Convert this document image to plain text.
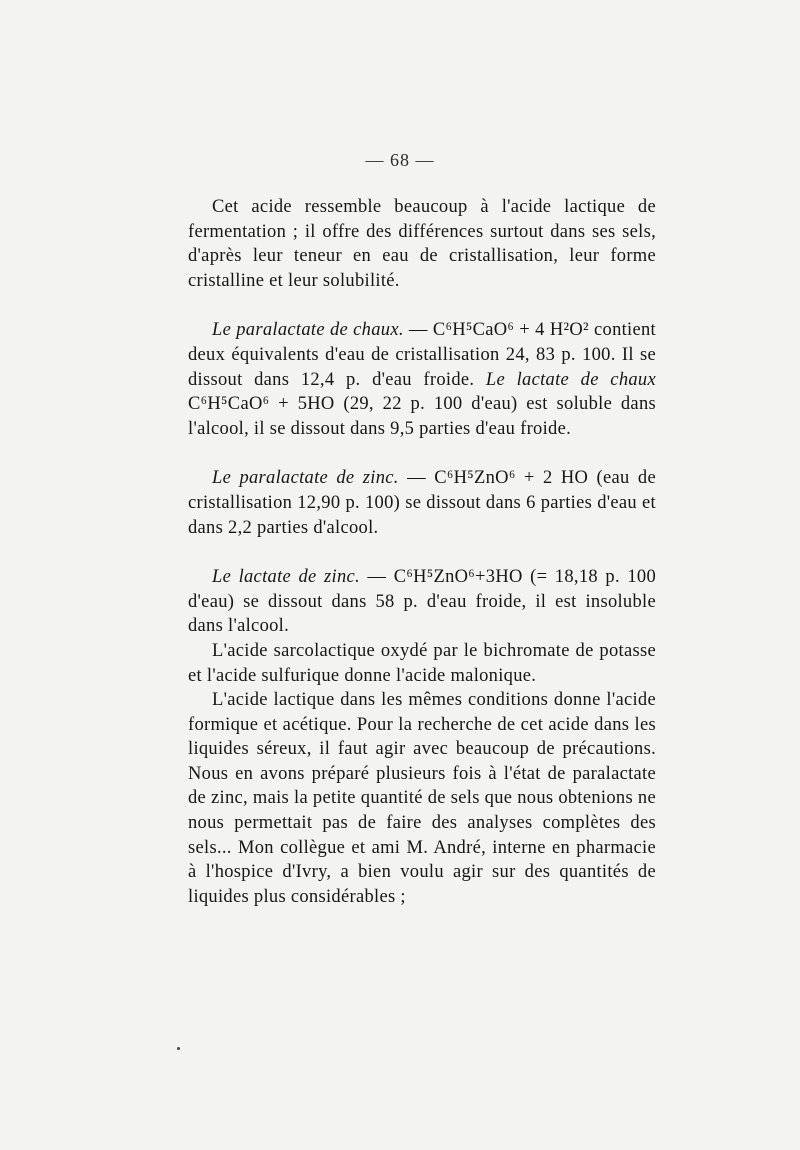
— 68 —

Cet acide ressemble beaucoup à l'acide lactique de fermentation ; il offre des différences surtout dans ses sels, d'après leur teneur en eau de cristallisation, leur forme cristalline et leur solubilité.

Le paralactate de chaux. — C⁶H⁵CaO⁶ + 4 H²O² contient deux équivalents d'eau de cristallisation 24, 83 p. 100. Il se dissout dans 12,4 p. d'eau froide. Le lactate de chaux C⁶H⁵CaO⁶ + 5HO (29, 22 p. 100 d'eau) est soluble dans l'alcool, il se dissout dans 9,5 parties d'eau froide.

Le paralactate de zinc. — C⁶H⁵ZnO⁶ + 2 HO (eau de cristallisation 12,90 p. 100) se dissout dans 6 parties d'eau et dans 2,2 parties d'alcool.

Le lactate de zinc. — C⁶H⁵ZnO⁶+3HO (= 18,18 p. 100 d'eau) se dissout dans 58 p. d'eau froide, il est insoluble dans l'alcool.

L'acide sarcolactique oxydé par le bichromate de potasse et l'acide sulfurique donne l'acide malonique.

L'acide lactique dans les mêmes conditions donne l'acide formique et acétique. Pour la recherche de cet acide dans les liquides séreux, il faut agir avec beaucoup de précautions. Nous en avons préparé plusieurs fois à l'état de paralactate de zinc, mais la petite quantité de sels que nous obtenions ne nous permettait pas de faire des analyses complètes des sels... Mon collègue et ami M. André, interne en pharmacie à l'hospice d'Ivry, a bien voulu agir sur des quantités de liquides plus considérables ;
